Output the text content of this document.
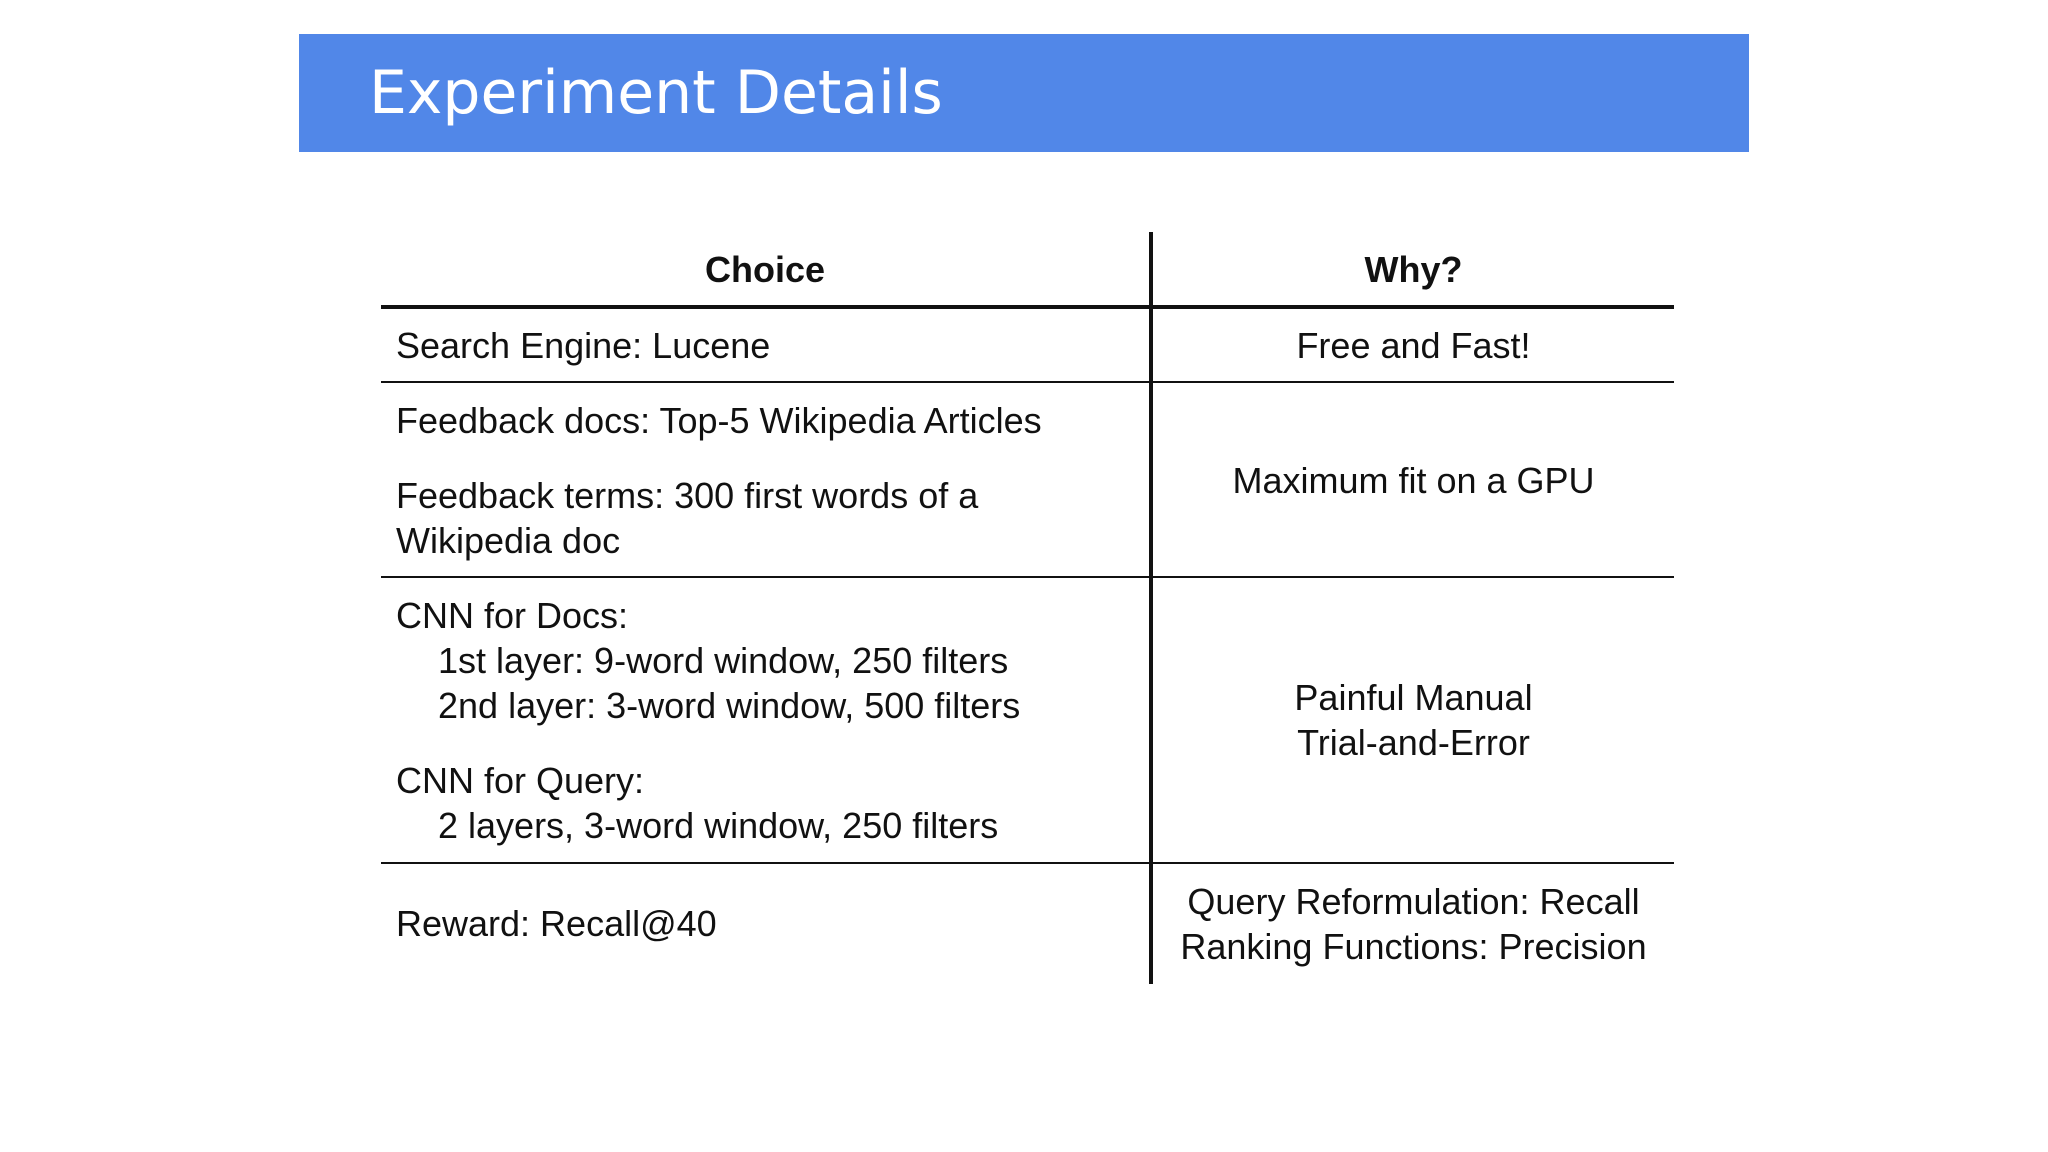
Experiment Details
Choice	Why?
Search Engine: Lucene	Free and Fast!
Feedback docs: Top-5 Wikipedia Articles
Feedback terms: 300 first words of a
Wikipedia doc
Maximum fit on a GPU
CNN for Docs:
1st layer: 9-word window, 250 filters
2nd layer: 3-word window, 500 filters
CNN for Query:
2 layers, 3-word window, 250 filters
Painful Manual
Trial-and-Error
Reward: Recall@40
Query Reformulation: Recall
Ranking Functions: Precision
